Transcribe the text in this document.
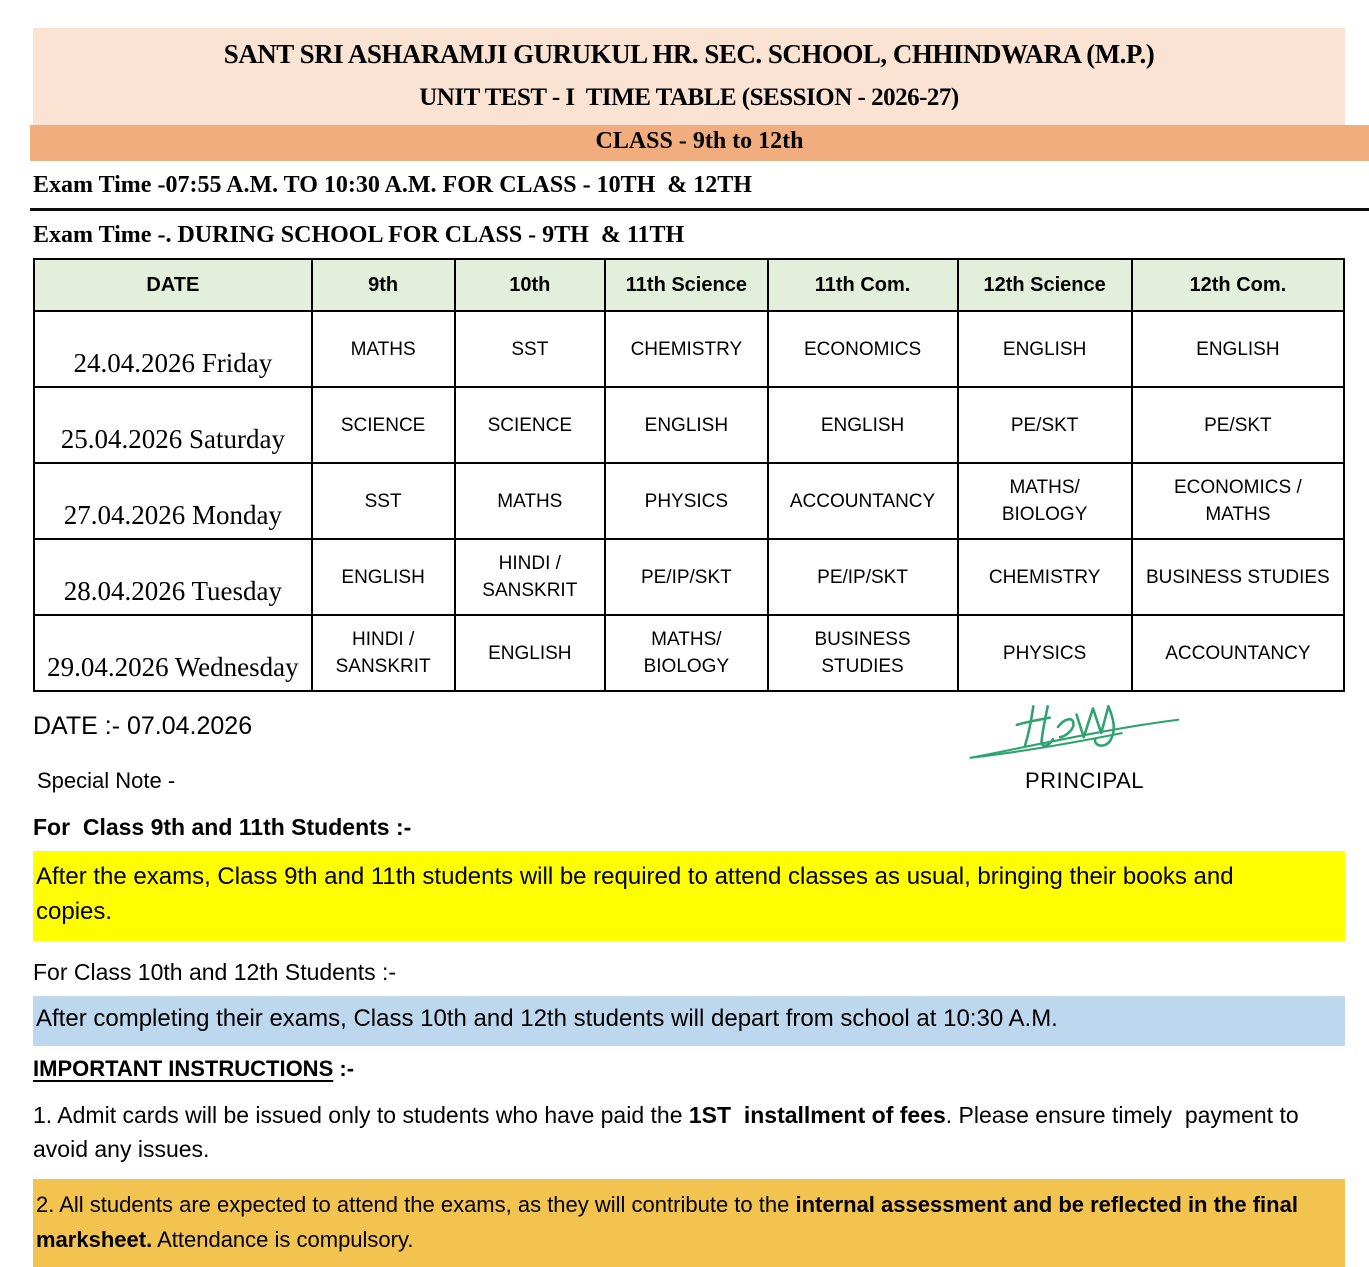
SANT SRI ASHARAMJI GURUKUL HR. SEC. SCHOOL, CHHINDWARA (M.P.)
UNIT TEST - I  TIME TABLE (SESSION - 2026-27)
CLASS - 9th to 12th
Exam Time -07:55 A.M. TO 10:30 A.M. FOR CLASS - 10TH  & 12TH
Exam Time -. DURING SCHOOL FOR CLASS - 9TH  & 11TH
DATE	9th	10th	11th Science	11th Com.	12th Science	12th Com.
24.04.2026 Friday	MATHS	SST	CHEMISTRY	ECONOMICS	ENGLISH	ENGLISH
25.04.2026 Saturday	SCIENCE	SCIENCE	ENGLISH	ENGLISH	PE/SKT	PE/SKT
27.04.2026 Monday	SST	MATHS	PHYSICS	ACCOUNTANCY	MATHS/ BIOLOGY	ECONOMICS / MATHS
28.04.2026 Tuesday	ENGLISH	HINDI / SANSKRIT	PE/IP/SKT	PE/IP/SKT	CHEMISTRY	BUSINESS STUDIES
29.04.2026 Wednesday	HINDI / SANSKRIT	ENGLISH	MATHS/ BIOLOGY	BUSINESS STUDIES	PHYSICS	ACCOUNTANCY
DATE :- 07.04.2026
Special Note -	PRINCIPAL
For  Class 9th and 11th Students :-
After the exams, Class 9th and 11th students will be required to attend classes as usual, bringing their books and copies.
For Class 10th and 12th Students :-
After completing their exams, Class 10th and 12th students will depart from school at 10:30 A.M.
IMPORTANT INSTRUCTIONS :-

1. Admit cards will be issued only to students who have paid the 1ST  installment of fees. Please ensure timely  payment to avoid any issues.

2. All students are expected to attend the exams, as they will contribute to the internal assessment and be reflected in the final marksheet. Attendance is compulsory.
